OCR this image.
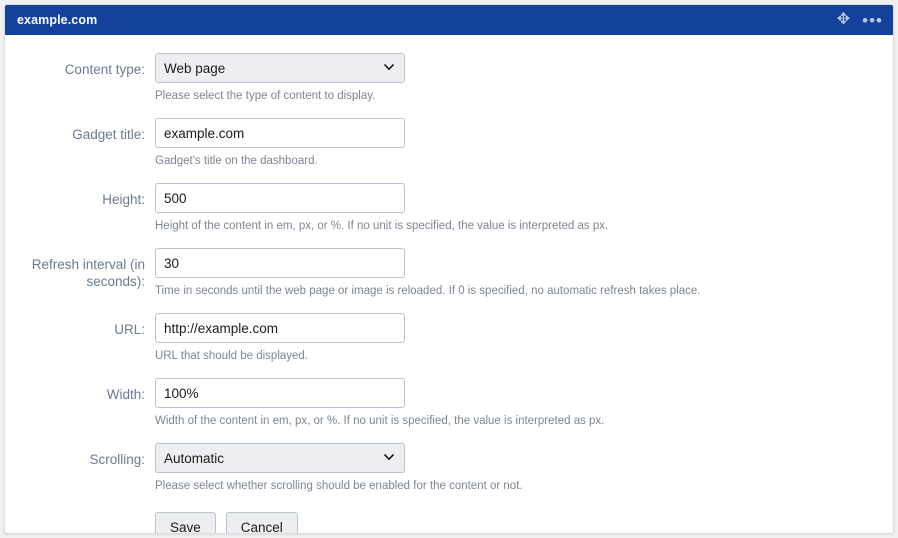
example.com	✥ •••
Content type:
Web page
Please select the type of content to display.
Gadget title:
example.com
Gadget's title on the dashboard.
Height:
500
Height of the content in em, px, or %. If no unit is specified, the value is interpreted as px.
Refresh interval (in seconds):
30
Time in seconds until the web page or image is reloaded. If 0 is specified, no automatic refresh takes place.
URL:
http://example.com
URL that should be displayed.
Width:
100%
Width of the content in em, px, or %. If no unit is specified, the value is interpreted as px.
Scrolling:
Automatic
Please select whether scrolling should be enabled for the content or not.
Save	Cancel
